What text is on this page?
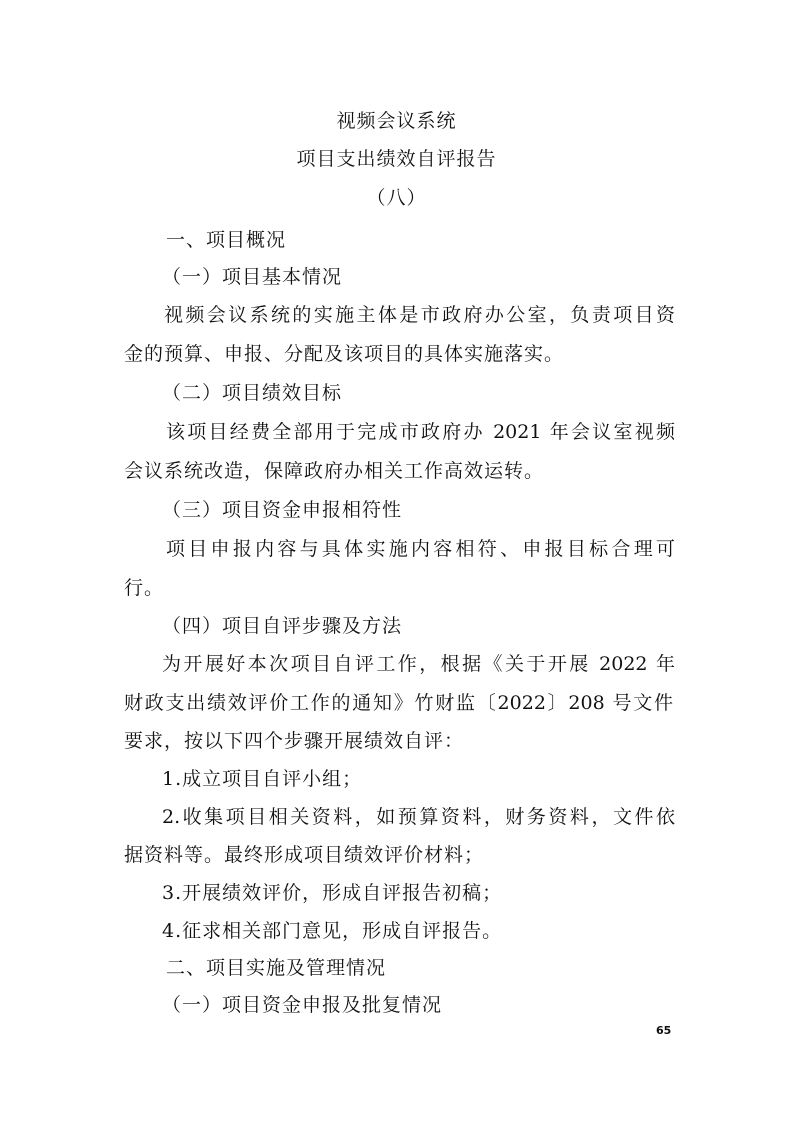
视频会议系统
项目支出绩效自评报告
（八）
一、项目概况
（一）项目基本情况
视频会议系统的实施主体是市政府办公室，负责项目资
金的预算、申报、分配及该项目的具体实施落实。
（二）项目绩效目标
该项目经费全部用于完成市政府办 2021 年会议室视频
会议系统改造，保障政府办相关工作高效运转。
（三）项目资金申报相符性
项目申报内容与具体实施内容相符、申报目标合理可
行。
（四）项目自评步骤及方法
为开展好本次项目自评工作，根据《关于开展 2022 年
财政支出绩效评价工作的通知》竹财监〔2022〕208 号文件
要求，按以下四个步骤开展绩效自评：
1.成立项目自评小组；
2.收集项目相关资料，如预算资料，财务资料，文件依
据资料等。最终形成项目绩效评价材料；
3.开展绩效评价，形成自评报告初稿；
4.征求相关部门意见，形成自评报告。
二、项目实施及管理情况
（一）项目资金申报及批复情况
65
